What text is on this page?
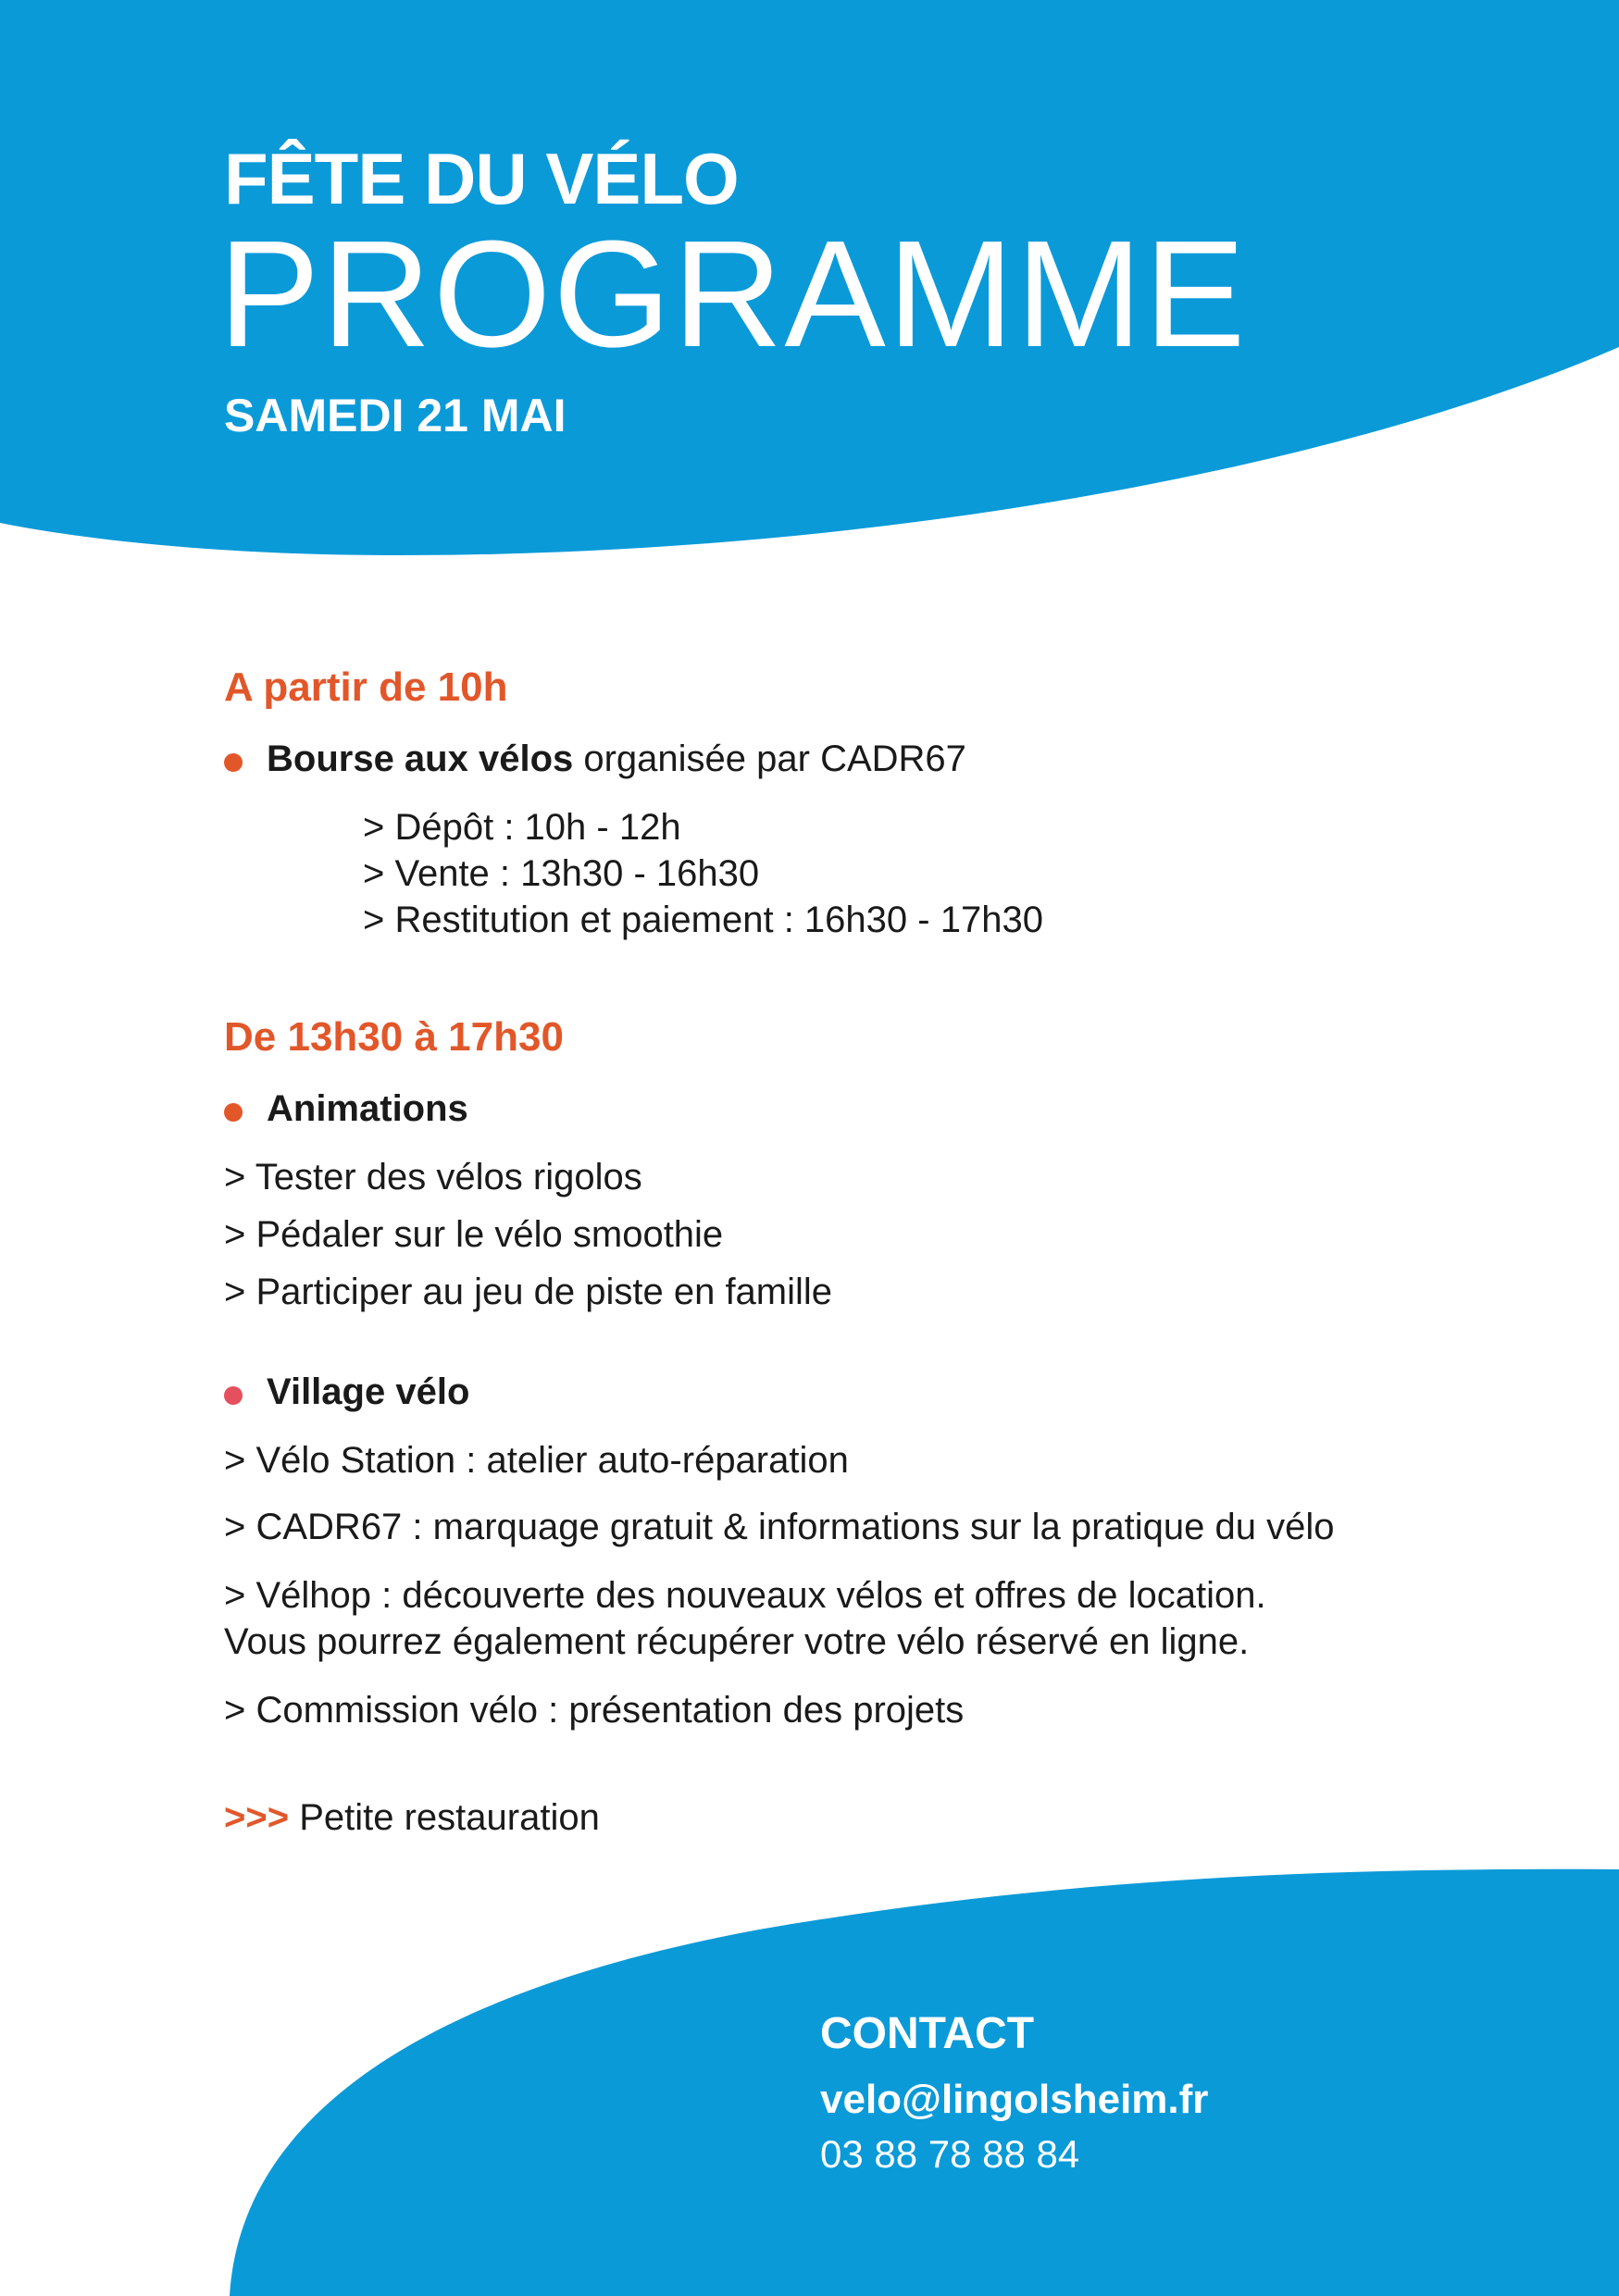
FÊTE DU VÉLO
PROGRAMME
SAMEDI 21 MAI
A partir de 10h
Bourse aux vélos organisée par CADR67
> Dépôt : 10h - 12h
> Vente : 13h30 - 16h30
> Restitution et paiement : 16h30 - 17h30
De 13h30 à 17h30
Animations
> Tester des vélos rigolos
> Pédaler sur le vélo smoothie
> Participer au jeu de piste en famille
Village vélo
> Vélo Station : atelier auto-réparation
> CADR67 : marquage gratuit & informations sur la pratique du vélo
> Vélhop : découverte des nouveaux vélos et offres de location.
Vous pourrez également récupérer votre vélo réservé en ligne.
> Commission vélo : présentation des projets
>>> Petite restauration
CONTACT
velo@lingolsheim.fr
03 88 78 88 84
